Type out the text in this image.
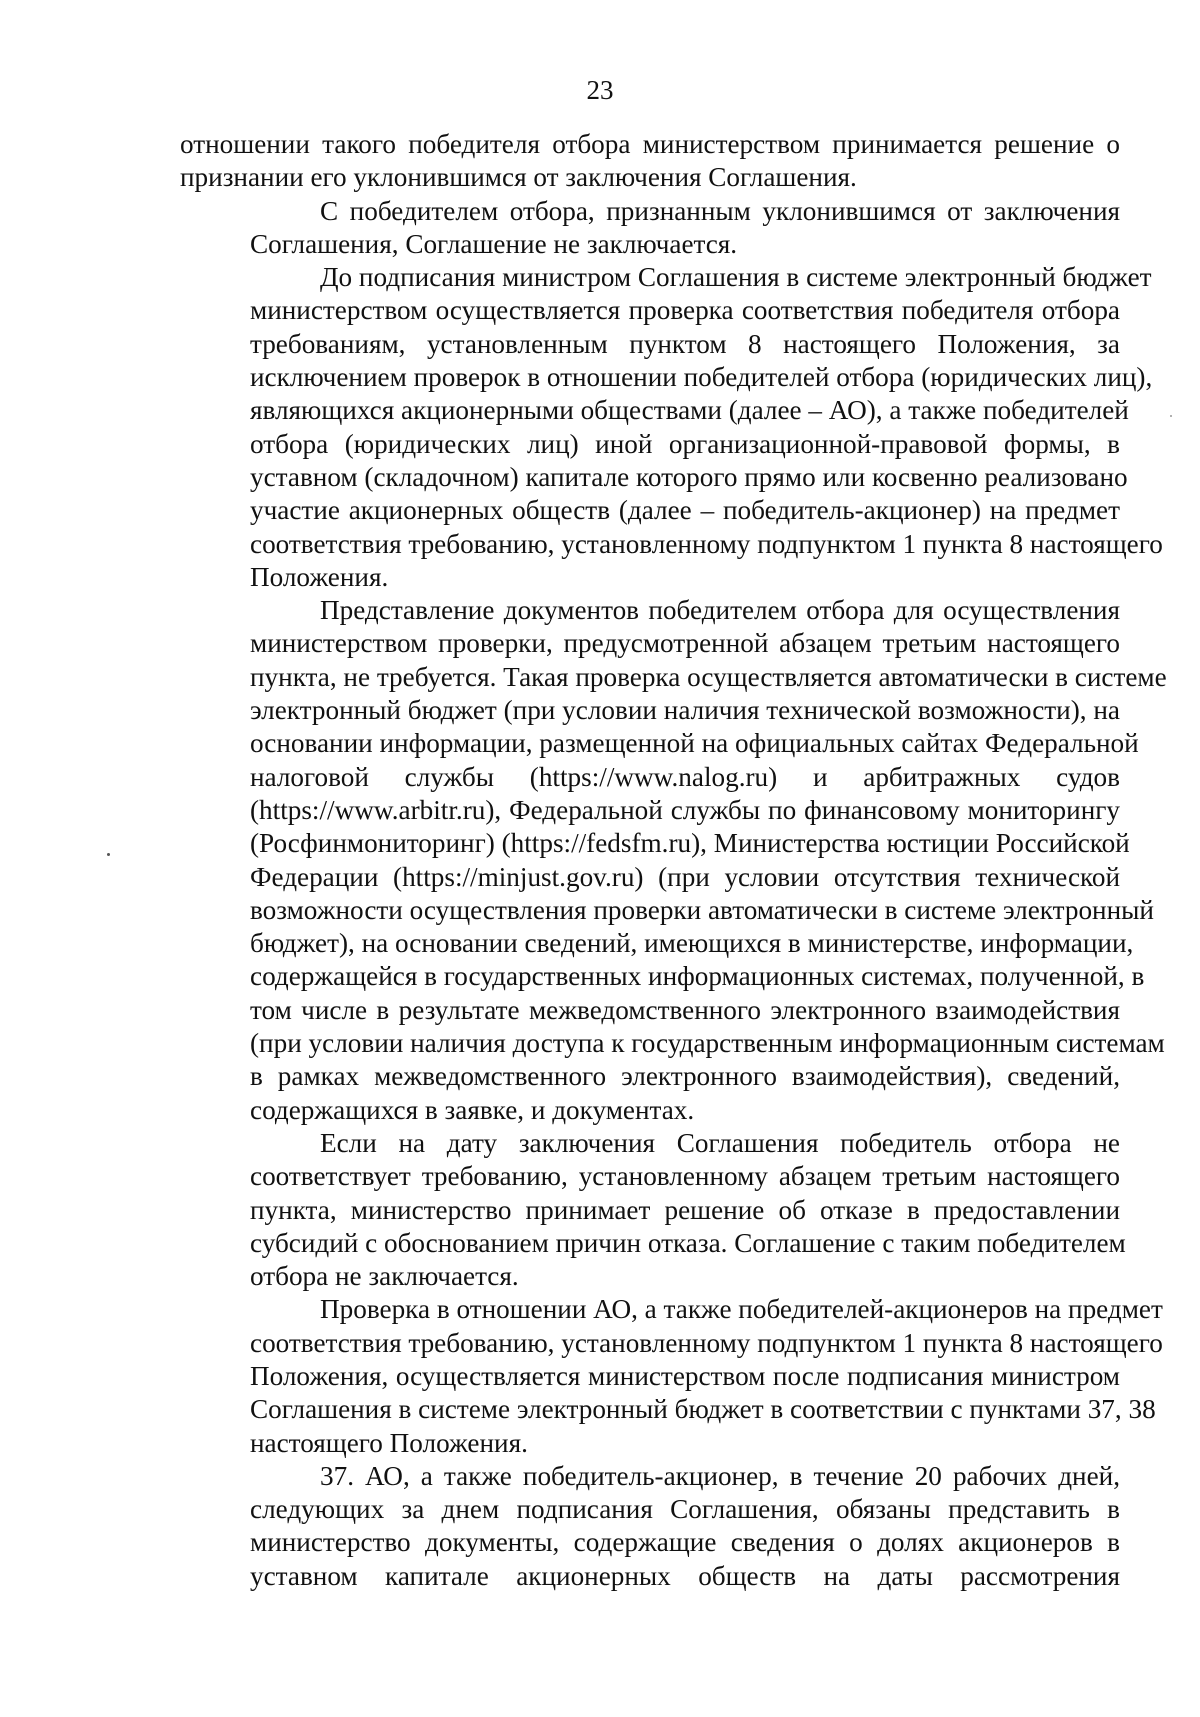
23
отношении такого победителя отбора министерством принимается решение о
признании его уклонившимся от заключения Соглашения.
С победителем отбора, признанным уклонившимся от заключения
Соглашения, Соглашение не заключается.
До подписания министром Соглашения в системе электронный бюджет
министерством осуществляется проверка соответствия победителя отбора
требованиям, установленным пунктом 8 настоящего Положения, за
исключением проверок в отношении победителей отбора (юридических лиц),
являющихся акционерными обществами (далее – АО), а также победителей
отбора (юридических лиц) иной организационной-правовой формы, в
уставном (складочном) капитале которого прямо или косвенно реализовано
участие акционерных обществ (далее – победитель-акционер) на предмет
соответствия требованию, установленному подпунктом 1 пункта 8 настоящего
Положения.
Представление документов победителем отбора для осуществления
министерством проверки, предусмотренной абзацем третьим настоящего
пункта, не требуется. Такая проверка осуществляется автоматически в системе
электронный бюджет (при условии наличия технической возможности), на
основании информации, размещенной на официальных сайтах Федеральной
налоговой службы (https://www.nalog.ru) и арбитражных судов
(https://www.arbitr.ru), Федеральной службы по финансовому мониторингу
(Росфинмониторинг) (https://fedsfm.ru), Министерства юстиции Российской
Федерации (https://minjust.gov.ru) (при условии отсутствия технической
возможности осуществления проверки автоматически в системе электронный
бюджет), на основании сведений, имеющихся в министерстве, информации,
содержащейся в государственных информационных системах, полученной, в
том числе в результате межведомственного электронного взаимодействия
(при условии наличия доступа к государственным информационным системам
в рамках межведомственного электронного взаимодействия), сведений,
содержащихся в заявке, и документах.
Если на дату заключения Соглашения победитель отбора не
соответствует требованию, установленному абзацем третьим настоящего
пункта, министерство принимает решение об отказе в предоставлении
субсидий с обоснованием причин отказа. Соглашение с таким победителем
отбора не заключается.
Проверка в отношении АО, а также победителей-акционеров на предмет
соответствия требованию, установленному подпунктом 1 пункта 8 настоящего
Положения, осуществляется министерством после подписания министром
Соглашения в системе электронный бюджет в соответствии с пунктами 37, 38
настоящего Положения.
37. АО, а также победитель-акционер, в течение 20 рабочих дней,
следующих за днем подписания Соглашения, обязаны представить в
министерство документы, содержащие сведения о долях акционеров в
уставном капитале акционерных обществ на даты рассмотрения
